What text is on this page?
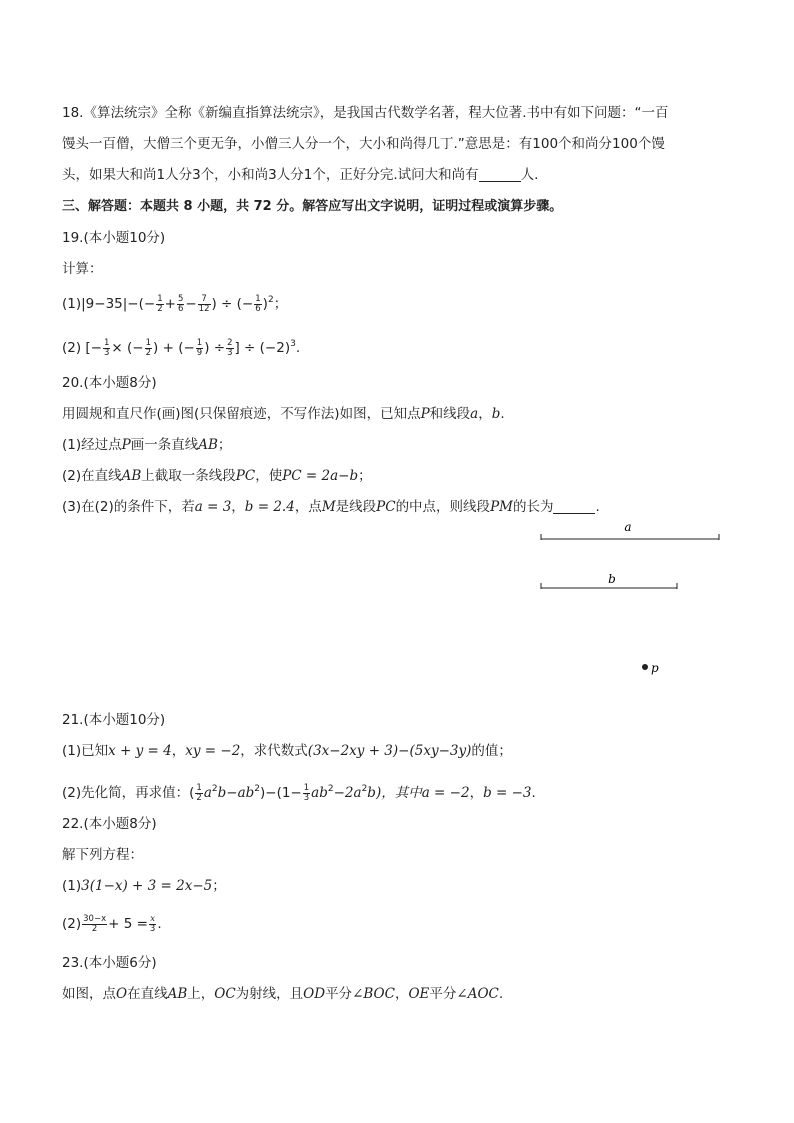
18.《算法统宗》全称《新编直指算法统宗》，是我国古代数学名著，程大位著.书中有如下问题：“一百
馒头一百僧，大僧三个更无争，小僧三人分一个，大小和尚得几丁.”意思是：有100个和尚分100个馒
头，如果大和尚1人分3个，小和尚3人分1个，正好分完.试问大和尚有	人.
三、解答题：本题共 8 小题，共 72 分。解答应写出文字说明，证明过程或演算步骤。
19.(本小题10分)
计算：
$(1)|9-35|-(- \frac{1}{2} + \frac{5}{6} - \frac{7}{12}$ ) ÷ (− $\frac{1}{6} )^2$；
(2) [− $\frac{1}{3}$ × (− $\frac{1}{2}$ ) + (− $\frac{1}{9}$ ) ÷ $\frac{2}{3}$ ] ÷ $(-2)^3$.
20.(本小题8分)
用圆规和直尺作(画)图(只保留痕迹，不写作法)如图，已知点P和线段a，b.
(1)经过点P画一条直线AB；
(2)在直线AB上截取一条线段PC，使PC = 2a−b；
(3)在(2)的条件下，若a = 3，b = 2.4，点M是线段PC的中点，则线段PM的长为	.
a
b
p
21.(本小题10分)
(1)已知x + y = 4，xy = −2，求代数式(3x−2xy + 3)−(5xy−3y)的值；
(2)先化简，再求值：( $\frac{1}{2} a^2b-ab^2)-(1- \frac{1}{3} ab^2-2a^2b)$，其中a = −2，b = −3.
22.(本小题8分)
解下列方程：
(1)3(1−x) + 3 = 2x−5；
$(2) \frac{30-x}{2} + 5 = \frac{x}{3}$ .
23.(本小题6分)
如图，点O在直线AB上，OC为射线，且OD平分∠BOC，OE平分∠AOC.
